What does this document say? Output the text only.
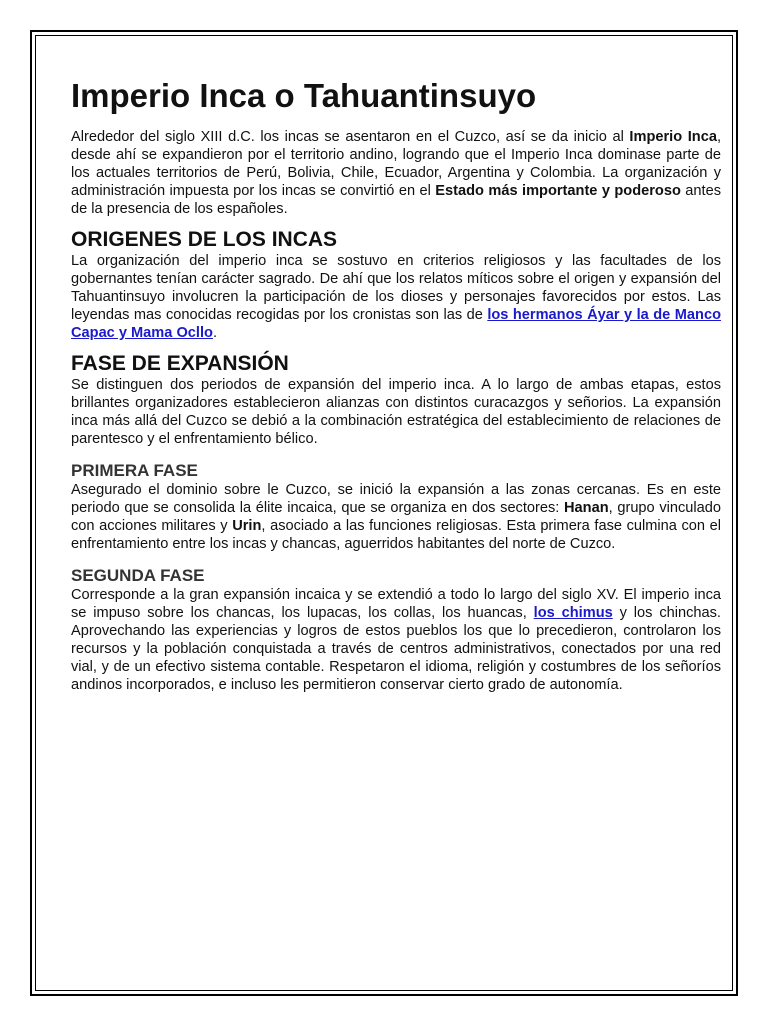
Imperio Inca o Tahuantinsuyo

Alrededor del siglo XIII d.C. los incas se asentaron en el Cuzco, así se da inicio al Imperio Inca, desde ahí se expandieron por el territorio andino, logrando que el Imperio Inca dominase parte de los actuales territorios de Perú, Bolivia, Chile, Ecuador, Argentina y Colombia. La organización y administración impuesta por los incas se convirtió en el Estado más importante y poderoso antes de la presencia de los españoles.

ORIGENES DE LOS INCAS

La organización del imperio inca se sostuvo en criterios religiosos y las facultades de los gobernantes tenían carácter sagrado. De ahí que los relatos míticos sobre el origen y expansión del Tahuantinsuyo involucren la participación de los dioses y personajes favorecidos por estos. Las leyendas mas conocidas recogidas por los cronistas son las de los hermanos Áyar y la de Manco Capac y Mama Ocllo.

FASE DE EXPANSIÓN

Se distinguen dos periodos de expansión del imperio inca. A lo largo de ambas etapas, estos brillantes organizadores establecieron alianzas con distintos curacazgos y señorios. La expansión inca más allá del Cuzco se debió a la combinación estratégica del establecimiento de relaciones de parentesco y el enfrentamiento bélico.

PRIMERA FASE

Asegurado el dominio sobre le Cuzco, se inició la expansión a las zonas cercanas. Es en este periodo que se consolida la élite incaica, que se organiza en dos sectores: Hanan, grupo vinculado con acciones militares y Urin, asociado a las funciones religiosas. Esta primera fase culmina con el enfrentamiento entre los incas y chancas, aguerridos habitantes del norte de Cuzco.

SEGUNDA FASE

Corresponde a la gran expansión incaica y se extendió a todo lo largo del siglo XV. El imperio inca se impuso sobre los chancas, los lupacas, los collas, los huancas, los chimus y los chinchas. Aprovechando las experiencias y logros de estos pueblos los que lo precedieron, controlaron los recursos y la población conquistada a través de centros administrativos, conectados por una red vial, y de un efectivo sistema contable. Respetaron el idioma, religión y costumbres de los señoríos andinos incorporados, e incluso les permitieron conservar cierto grado de autonomía.
